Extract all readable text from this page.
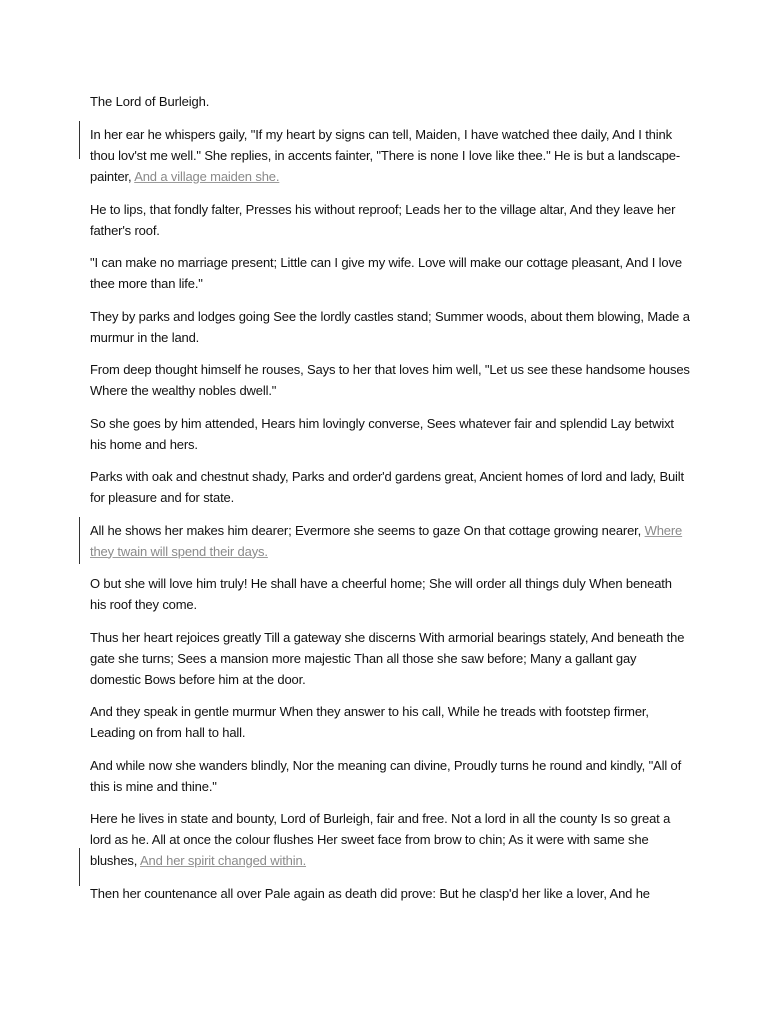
The Lord of Burleigh.
In her ear he whispers gaily, "If my heart by signs can tell, Maiden, I have watched thee daily, And I think thou lov'st me well." She replies, in accents fainter, "There is none I love like thee." He is but a landscape-painter, And a village maiden she.
He to lips, that fondly falter, Presses his without reproof; Leads her to the village altar, And they leave her father's roof.
"I can make no marriage present; Little can I give my wife. Love will make our cottage pleasant, And I love thee more than life."
They by parks and lodges going See the lordly castles stand; Summer woods, about them blowing, Made a murmur in the land.
From deep thought himself he rouses, Says to her that loves him well, "Let us see these handsome houses Where the wealthy nobles dwell."
So she goes by him attended, Hears him lovingly converse, Sees whatever fair and splendid Lay betwixt his home and hers.
Parks with oak and chestnut shady, Parks and order'd gardens great, Ancient homes of lord and lady, Built for pleasure and for state.
All he shows her makes him dearer; Evermore she seems to gaze On that cottage growing nearer, Where they twain will spend their days.
O but she will love him truly! He shall have a cheerful home; She will order all things duly When beneath his roof they come.
Thus her heart rejoices greatly Till a gateway she discerns With armorial bearings stately, And beneath the gate she turns; Sees a mansion more majestic Than all those she saw before; Many a gallant gay domestic Bows before him at the door.
And they speak in gentle murmur When they answer to his call, While he treads with footstep firmer, Leading on from hall to hall.
And while now she wanders blindly, Nor the meaning can divine, Proudly turns he round and kindly, "All of this is mine and thine."
Here he lives in state and bounty, Lord of Burleigh, fair and free. Not a lord in all the county Is so great a lord as he. All at once the colour flushes Her sweet face from brow to chin; As it were with same she blushes, And her spirit changed within.
Then her countenance all over Pale again as death did prove: But he clasp'd her like a lover, And he
